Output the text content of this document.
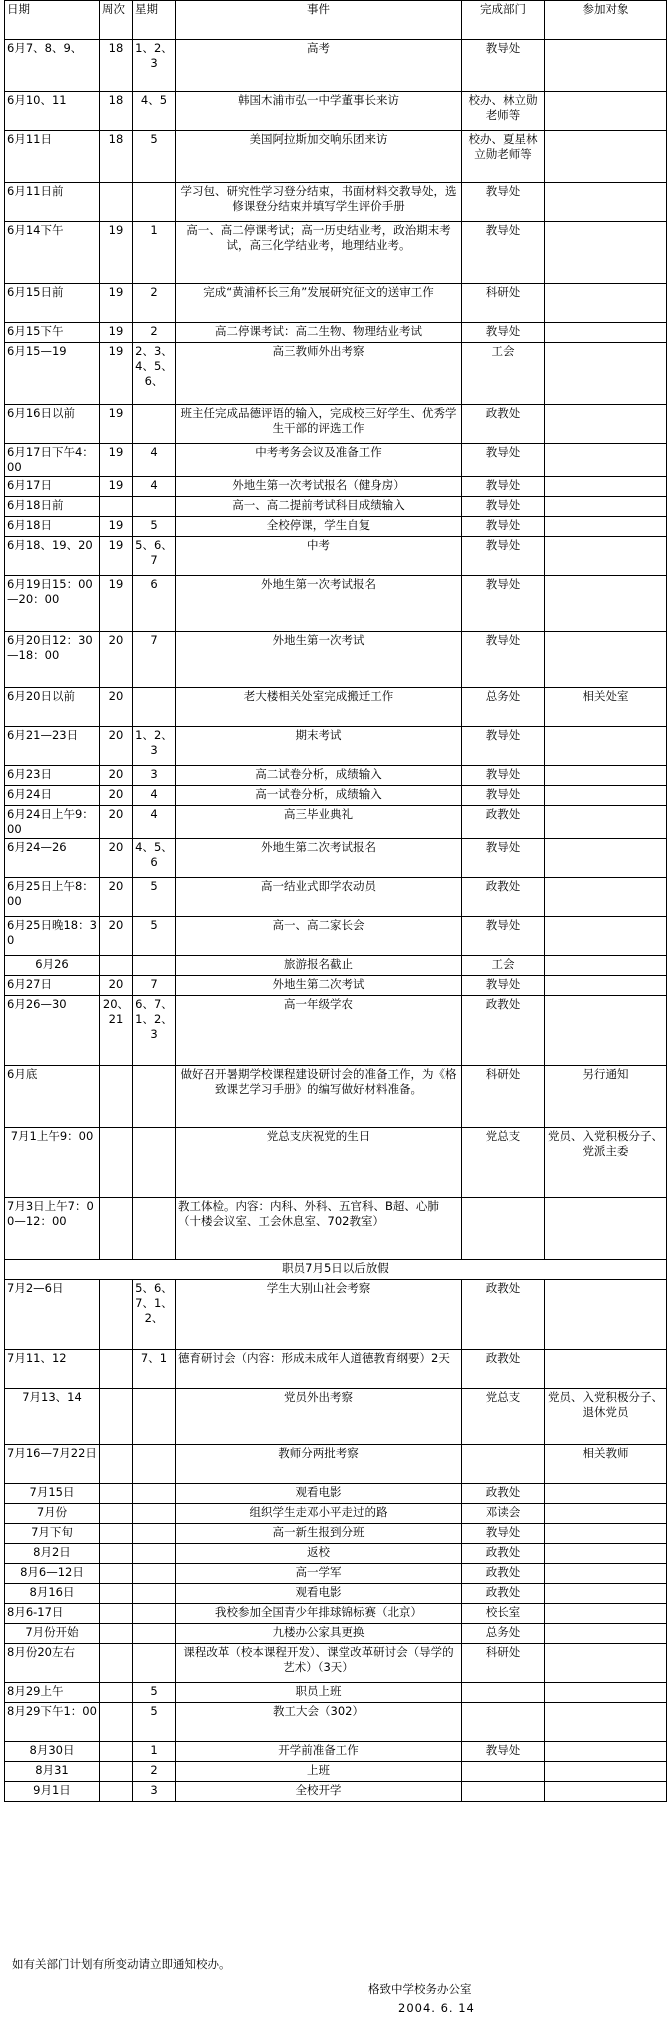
日期	周次	星期	事件	完成部门	参加对象
6月7、8、9、	18	1、2、3	高考	教导处	
6月10、11	18	4、5	韩国木浦市弘一中学董事长来访	校办、林立勋老师等	
6月11日	18	5	美国阿拉斯加交响乐团来访	校办、夏星林立勋老师等	
6月11日前			学习包、研究性学习登分结束，书面材料交教导处，选修课登分结束并填写学生评价手册	教导处	
6月14下午	19	1	高一、高二停课考试；高一历史结业考，政治期末考试，高三化学结业考，地理结业考。	教导处	
6月15日前	19	2	完成“黄浦杯长三角”发展研究征文的送审工作	科研处	
6月15下午	19	2	高二停课考试：高二生物、物理结业考试	教导处	
6月15—19	19	2、3、4、5、6、	高三教师外出考察	工会	
6月16日以前	19		班主任完成品德评语的输入，完成校三好学生、优秀学生干部的评选工作	政教处	
6月17日下午4：00	19	4	中考考务会议及准备工作	教导处	
6月17日	19	4	外地生第一次考试报名（健身房）	教导处	
6月18日前			高一、高二提前考试科目成绩输入	教导处	
6月18日	19	5	全校停课，学生自复	教导处	
6月18、19、20	19	5、6、7	中考	教导处	
6月19日15：00—20：00	19	6	外地生第一次考试报名	教导处	
6月20日12：30—18：00	20	7	外地生第一次考试	教导处	
6月20日以前	20		老大楼相关处室完成搬迁工作	总务处	相关处室
6月21—23日	20	1、2、3	期末考试	教导处	
6月23日	20	3	高二试卷分析，成绩输入	教导处	
6月24日	20	4	高一试卷分析，成绩输入	教导处	
6月24日上午9：00	20	4	高三毕业典礼	政教处	
6月24—26	20	4、5、6	外地生第二次考试报名	教导处	
6月25日上午8：00	20	5	高一结业式即学农动员	政教处	
6月25日晚18：30	20	5	高一、高二家长会	教导处	
6月26			旅游报名截止	工会	
6月27日	20	7	外地生第二次考试	教导处	
6月26—30	20、21	6、7、1、2、3	高一年级学农	政教处	
6月底			做好召开暑期学校课程建设研讨会的准备工作，为《格致课艺学习手册》的编写做好材料准备。	科研处	另行通知
7月1上午9：00			党总支庆祝党的生日	党总支	党员、入党积极分子、党派主委
7月3日上午7：00—12：00			教工体检。内容：内科、外科、五官科、B超、心肺（十楼会议室、工会休息室、702教室）		
职员7月5日以后放假					
7月2—6日		5、6、7、1、2、	学生大别山社会考察	政教处	
7月11、12		7、1	德育研讨会（内容：形成未成年人道德教育纲要）2天	政教处	
7月13、14			党员外出考察	党总支	党员、入党积极分子、退休党员
7月16—7月22日			教师分两批考察		相关教师
7月15日			观看电影	政教处	
7月份			组织学生走邓小平走过的路	邓读会	
7月下旬			高一新生报到分班	教导处	
8月2日			返校	政教处	
8月6—12日			高一学军	政教处	
8月16日			观看电影	政教处	
8月6-17日			我校参加全国青少年排球锦标赛（北京）	校长室	
7月份开始			九楼办公家具更换	总务处	
8月份20左右			课程改革（校本课程开发）、课堂改革研讨会（导学的艺术）（3天）	科研处	
8月29上午		5	职员上班		
8月29下午1：00		5	教工大会（302）		
8月30日		1	开学前准备工作	教导处	
8月31		2	上班		
9月1日		3	全校开学		
如有关部门计划有所变动请立即通知校办。
格致中学校务办公室
2004. 6. 14
